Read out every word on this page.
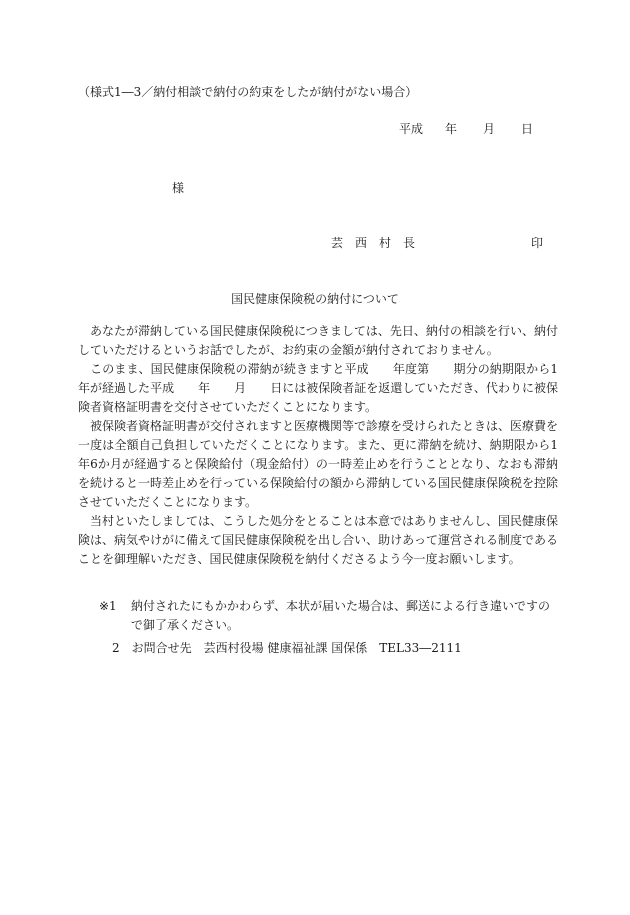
（様式1―3／納付相談で納付の約束をしたが納付がない場合）
平成 年 月 日
様
芸　西　村　長	印
国民健康保険税の納付について

　あなたが滞納している国民健康保険税につきましては、先日、納付の相談を行い、納付していただけるというお話でしたが、お約束の金額が納付されておりません。

　このまま、国民健康保険税の滞納が続きますと平成　　年度第　　期分の納期限から1年が経過した平成　　年　　月　　日には被保険者証を返還していただき、代わりに被保険者資格証明書を交付させていただくことになります。

　被保険者資格証明書が交付されますと医療機関等で診療を受けられたときは、医療費を一度は全額自己負担していただくことになります。また、更に滞納を続け、納期限から1年6か月が経過すると保険給付（現金給付）の一時差止めを行うこととなり、なおも滞納を続けると一時差止めを行っている保険給付の額から滞納している国民健康保険税を控除させていただくことになります。

　当村といたしましては、こうした処分をとることは本意ではありませんし、国民健康保険は、病気やけがに備えて国民健康保険税を出し合い、助けあって運営される制度であることを御理解いただき、国民健康保険税を納付くださるよう今一度お願いします。

※1	納付されたにもかかわらず、本状が届いた場合は、郵送による行き違いですので御了承ください。
2　お問合せ先　芸西村役場 健康福祉課 国保係　TEL33―2111
